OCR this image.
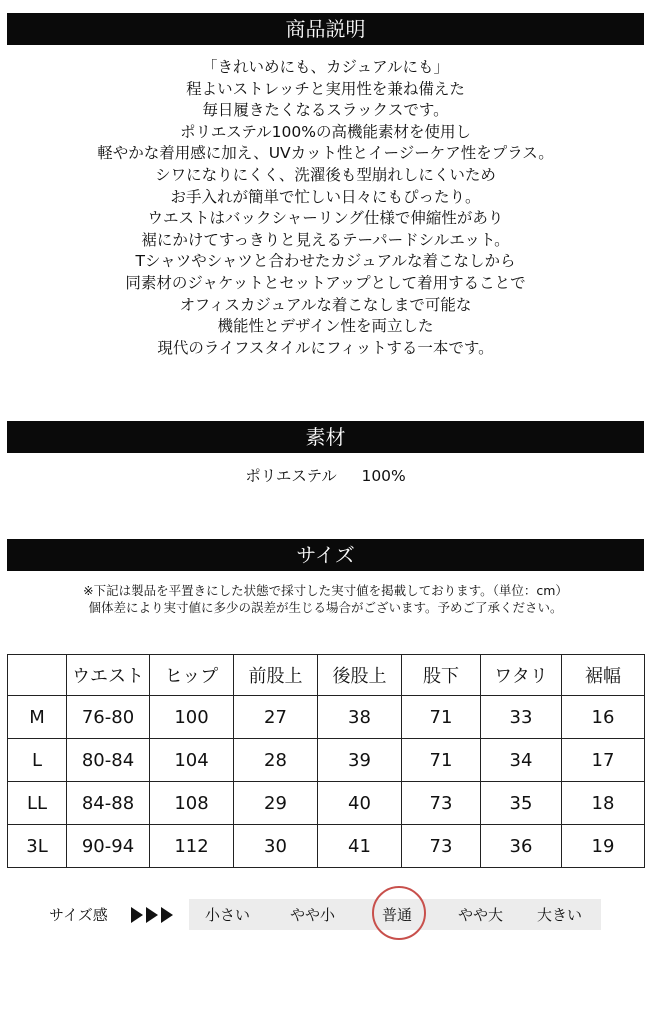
商品説明
「きれいめにも、カジュアルにも」
程よいストレッチと実用性を兼ね備えた
毎日履きたくなるスラックスです。
ポリエステル100%の高機能素材を使用し
軽やかな着用感に加え、UVカット性とイージーケア性をプラス。
シワになりにくく、洗濯後も型崩れしにくいため
お手入れが簡単で忙しい日々にもぴったり。
ウエストはバックシャーリング仕様で伸縮性があり
裾にかけてすっきりと見えるテーパードシルエット。
Tシャツやシャツと合わせたカジュアルな着こなしから
同素材のジャケットとセットアップとして着用することで
オフィスカジュアルな着こなしまで可能な
機能性とデザイン性を両立した
現代のライフスタイルにフィットする一本です。
素材
ポリエステル 100%
サイズ
※下記は製品を平置きにした状態で採寸した実寸値を掲載しております。（単位：cm）
個体差により実寸値に多少の誤差が生じる場合がございます。予めご了承ください。
	ウエスト	ヒップ	前股上	後股上	股下	ワタリ	裾幅
M	76-80	100	27	38	71	33	16
L	80-84	104	28	39	71	34	17
LL	84-88	108	29	40	73	35	18
3L	90-94	112	30	41	73	36	19
サイズ感	小さい	やや小	普通	やや大 大きい
